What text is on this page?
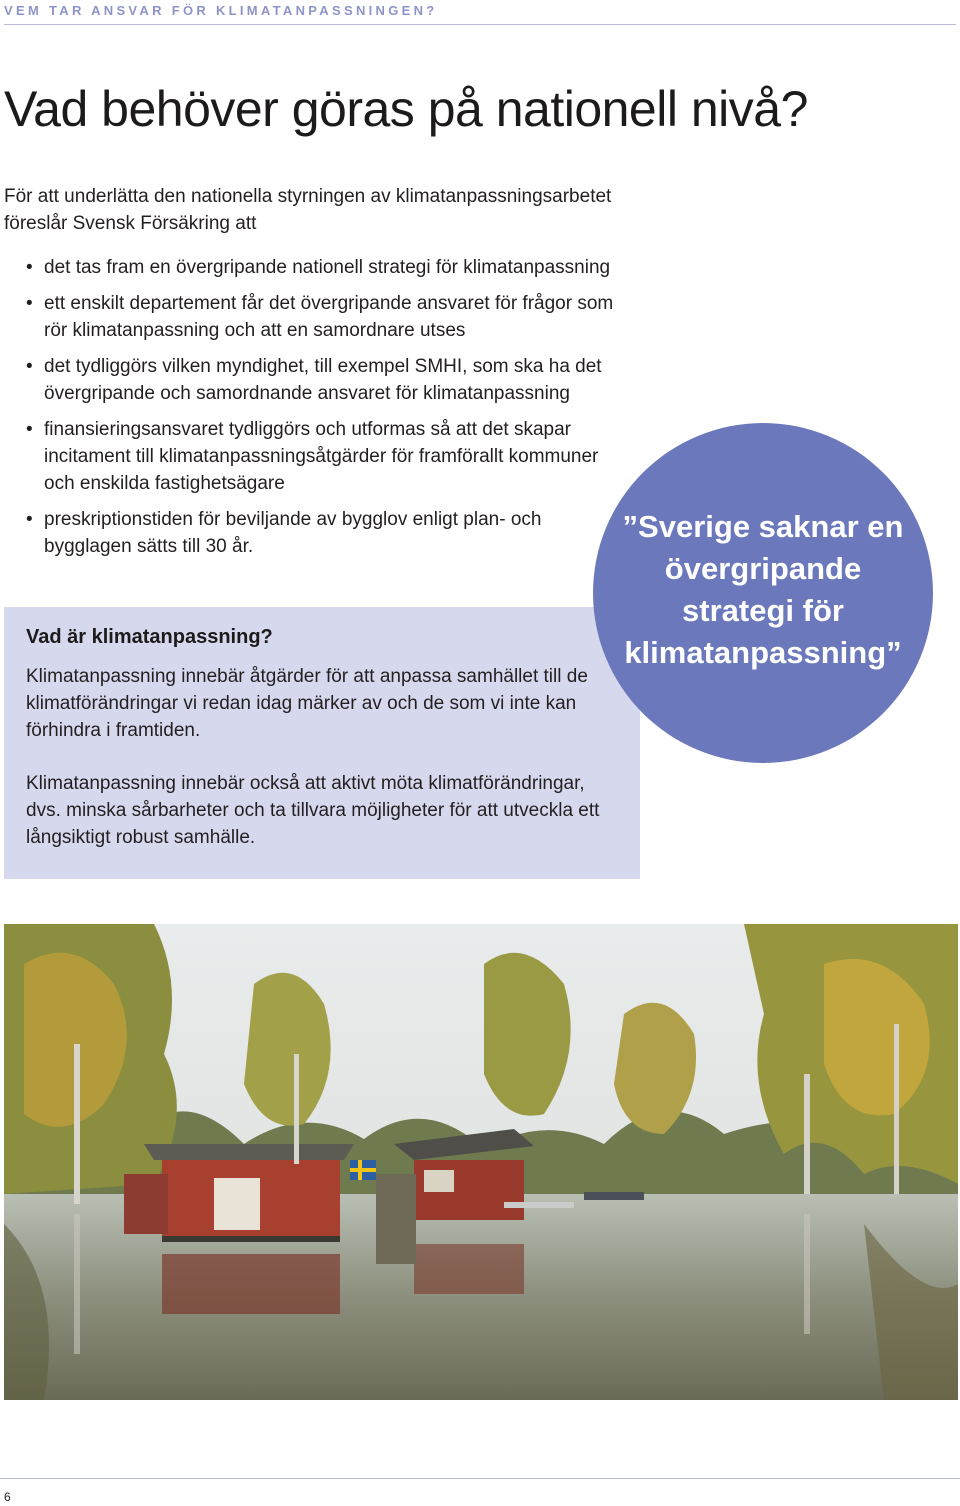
VEM TAR ANSVAR FÖR KLIMATANPASSNINGEN?
Vad behöver göras på nationell nivå?

För att underlätta den nationella styrningen av klimatanpassningsarbetet föreslår Svensk Försäkring att

• det tas fram en övergripande nationell strategi för klimatanpassning
• ett enskilt departement får det övergripande ansvaret för frågor som rör klimatanpassning och att en samordnare utses
• det tydliggörs vilken myndighet, till exempel SMHI, som ska ha det övergripande och samordnande ansvaret för klimatanpassning
• finansieringsansvaret tydliggörs och utformas så att det skapar incitament till klimatanpassningsåtgärder för framförallt kommuner och enskilda fastighetsägare
• preskriptionstiden för beviljande av bygglov enligt plan- och bygglagen sätts till 30 år.
Vad är klimatanpassning?

Klimatanpassning innebär åtgärder för att anpassa samhället till de klimatförändringar vi redan idag märker av och de som vi inte kan förhindra i framtiden.

Klimatanpassning innebär också att aktivt möta klimatförändringar, dvs. minska sårbarheter och ta tillvara möjligheter för att utveckla ett långsiktigt robust samhälle.

”Sverige saknar en övergripande strategi för klimatanpassning”
6
